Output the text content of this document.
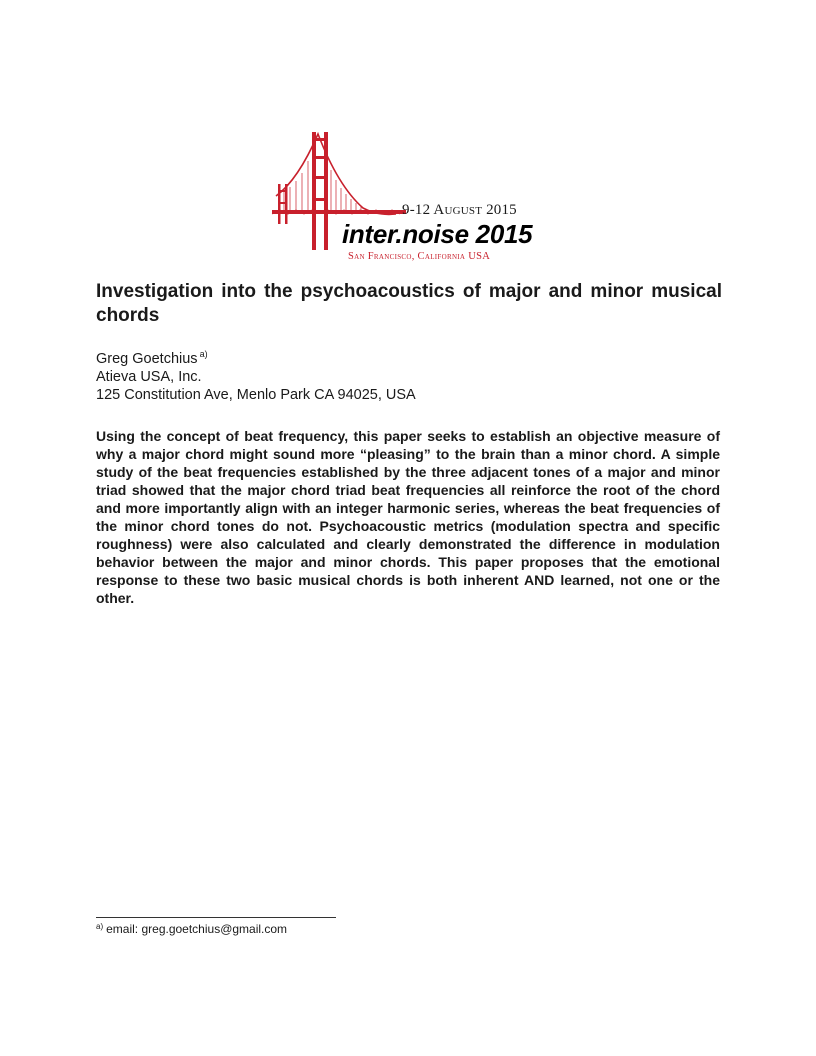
9-12 August 2015
inter.noise 2015
San Francisco, California USA
Investigation into the psychoacoustics of major and minor musical chords
Greg Goetchius $^{a)}$
Atieva USA, Inc.
125 Constitution Ave, Menlo Park CA 94025, USA

Using the concept of beat frequency, this paper seeks to establish an objective measure of why a major chord might sound more “pleasing” to the brain than a minor chord. A simple study of the beat frequencies established by the three adjacent tones of a major and minor triad showed that the major chord triad beat frequencies all reinforce the root of the chord and more importantly align with an integer harmonic series, whereas the beat frequencies of the minor chord tones do not. Psychoacoustic metrics (modulation spectra and specific roughness) were also calculated and clearly demonstrated the difference in modulation behavior between the major and minor chords. This paper proposes that the emotional response to these two basic musical chords is both inherent AND learned, not one or the other.

$^{a)}$ email: greg.goetchius@gmail.com
